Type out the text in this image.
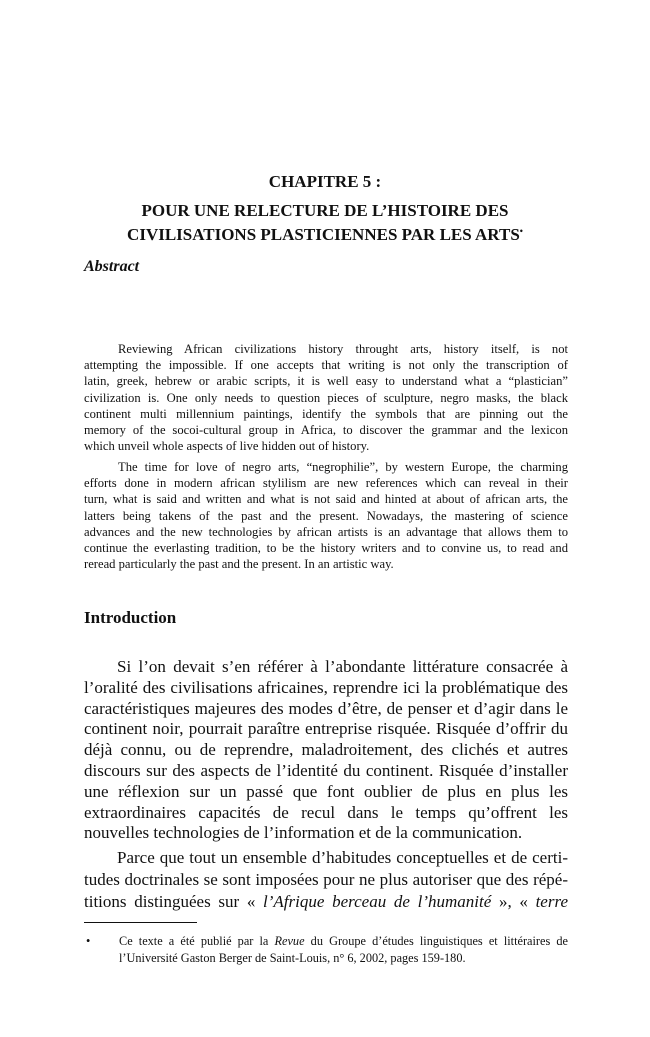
CHAPITRE 5 :
POUR UNE RELECTURE DE L’HISTOIRE DES
CIVILISATIONS PLASTICIENNES PAR LES ARTS•
Abstract
Reviewing African civilizations history throught arts, history itself, is not
attempting the impossible. If one accepts that writing is not only the transcription of
latin, greek, hebrew or arabic scripts, it is well easy to understand what a “plastician”
civilization is. One only needs to question pieces of sculpture, negro masks, the black
continent multi millennium paintings, identify the symbols that are pinning out the
memory of the socoi-cultural group in Africa, to discover the grammar and the lexicon
which unveil whole aspects of live hidden out of history.
The time for love of negro arts, “negrophilie”, by western Europe, the charming
efforts done in modern african stylilism are new references which can reveal in their
turn, what is said and written and what is not said and hinted at about of african arts, the
latters being takens of the past and the present. Nowadays, the mastering of science
advances and the new technologies by african artists is an advantage that allows them to
continue the everlasting tradition, to be the history writers and to convine us, to read and
reread particularly the past and the present. In an artistic way.
Introduction
Si l’on devait s’en référer à l’abondante littérature consacrée à
l’oralité des civilisations africaines, reprendre ici la problématique des
caractéristiques majeures des modes d’être, de penser et d’agir dans le
continent noir, pourrait paraître entreprise risquée. Risquée d’offrir du
déjà connu, ou de reprendre, maladroitement, des clichés et autres
discours sur des aspects de l’identité du continent. Risquée d’installer
une réflexion sur un passé que font oublier de plus en plus les
extraordinaires capacités de recul dans le temps qu’offrent les
nouvelles technologies de l’information et de la communication.
Parce que tout un ensemble d’habitudes conceptuelles et de certi-
tudes doctrinales se sont imposées pour ne plus autoriser que des répé-
titions distinguées sur « l’Afrique berceau de l’humanité », « terre
• Ce texte a été publié par la Revue du Groupe d’études linguistiques et littéraires de
l’Université Gaston Berger de Saint-Louis, n° 6, 2002, pages 159-180.
